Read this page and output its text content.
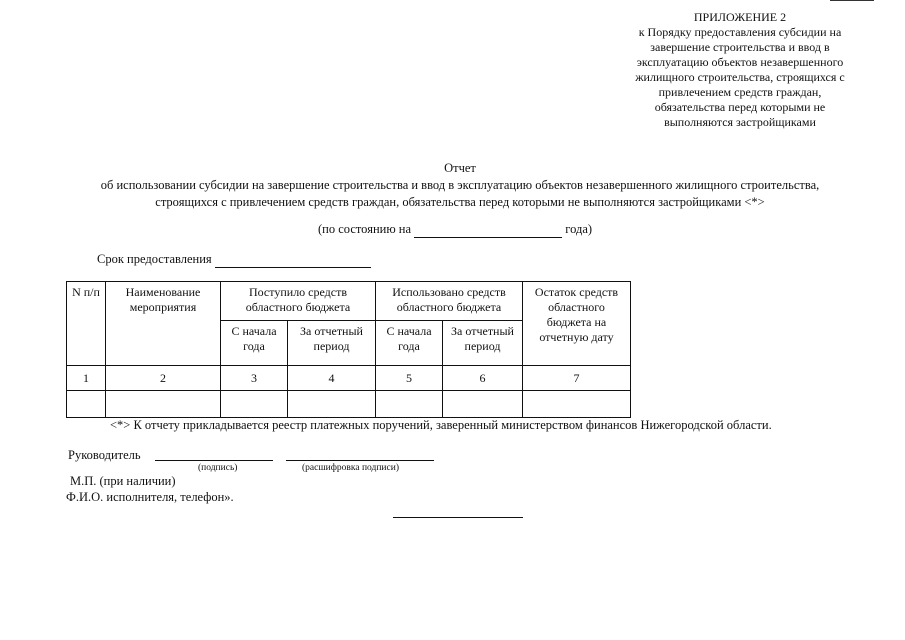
ПРИЛОЖЕНИЕ 2
к Порядку предоставления субсидии на
завершение строительства и ввод в
эксплуатацию объектов незавершенного
жилищного строительства, строящихся с
привлечением средств граждан,
обязательства перед которыми не
выполняются застройщиками
Отчет
об использовании субсидии на завершение строительства и ввод в эксплуатацию объектов незавершенного жилищного строительства,
строящихся с привлечением средств граждан, обязательства перед которыми не выполняются застройщиками <*>
(по состоянию на	года)
Срок предоставления
N п/п	Наименование мероприятия	Поступило средств областного бюджета		Использовано средств областного бюджета		Остаток средств областного бюджета на отчетную дату
		С начала года	За отчетный период	С начала года	За отчетный период	
1	2	3	4	5	6	7

<*> К отчету прикладывается реестр платежных поручений, заверенный министерством финансов Нижегородской области.
Руководитель
(подпись)	(расшифровка подписи)
М.П. (при наличии)
Ф.И.О. исполнителя, телефон».
